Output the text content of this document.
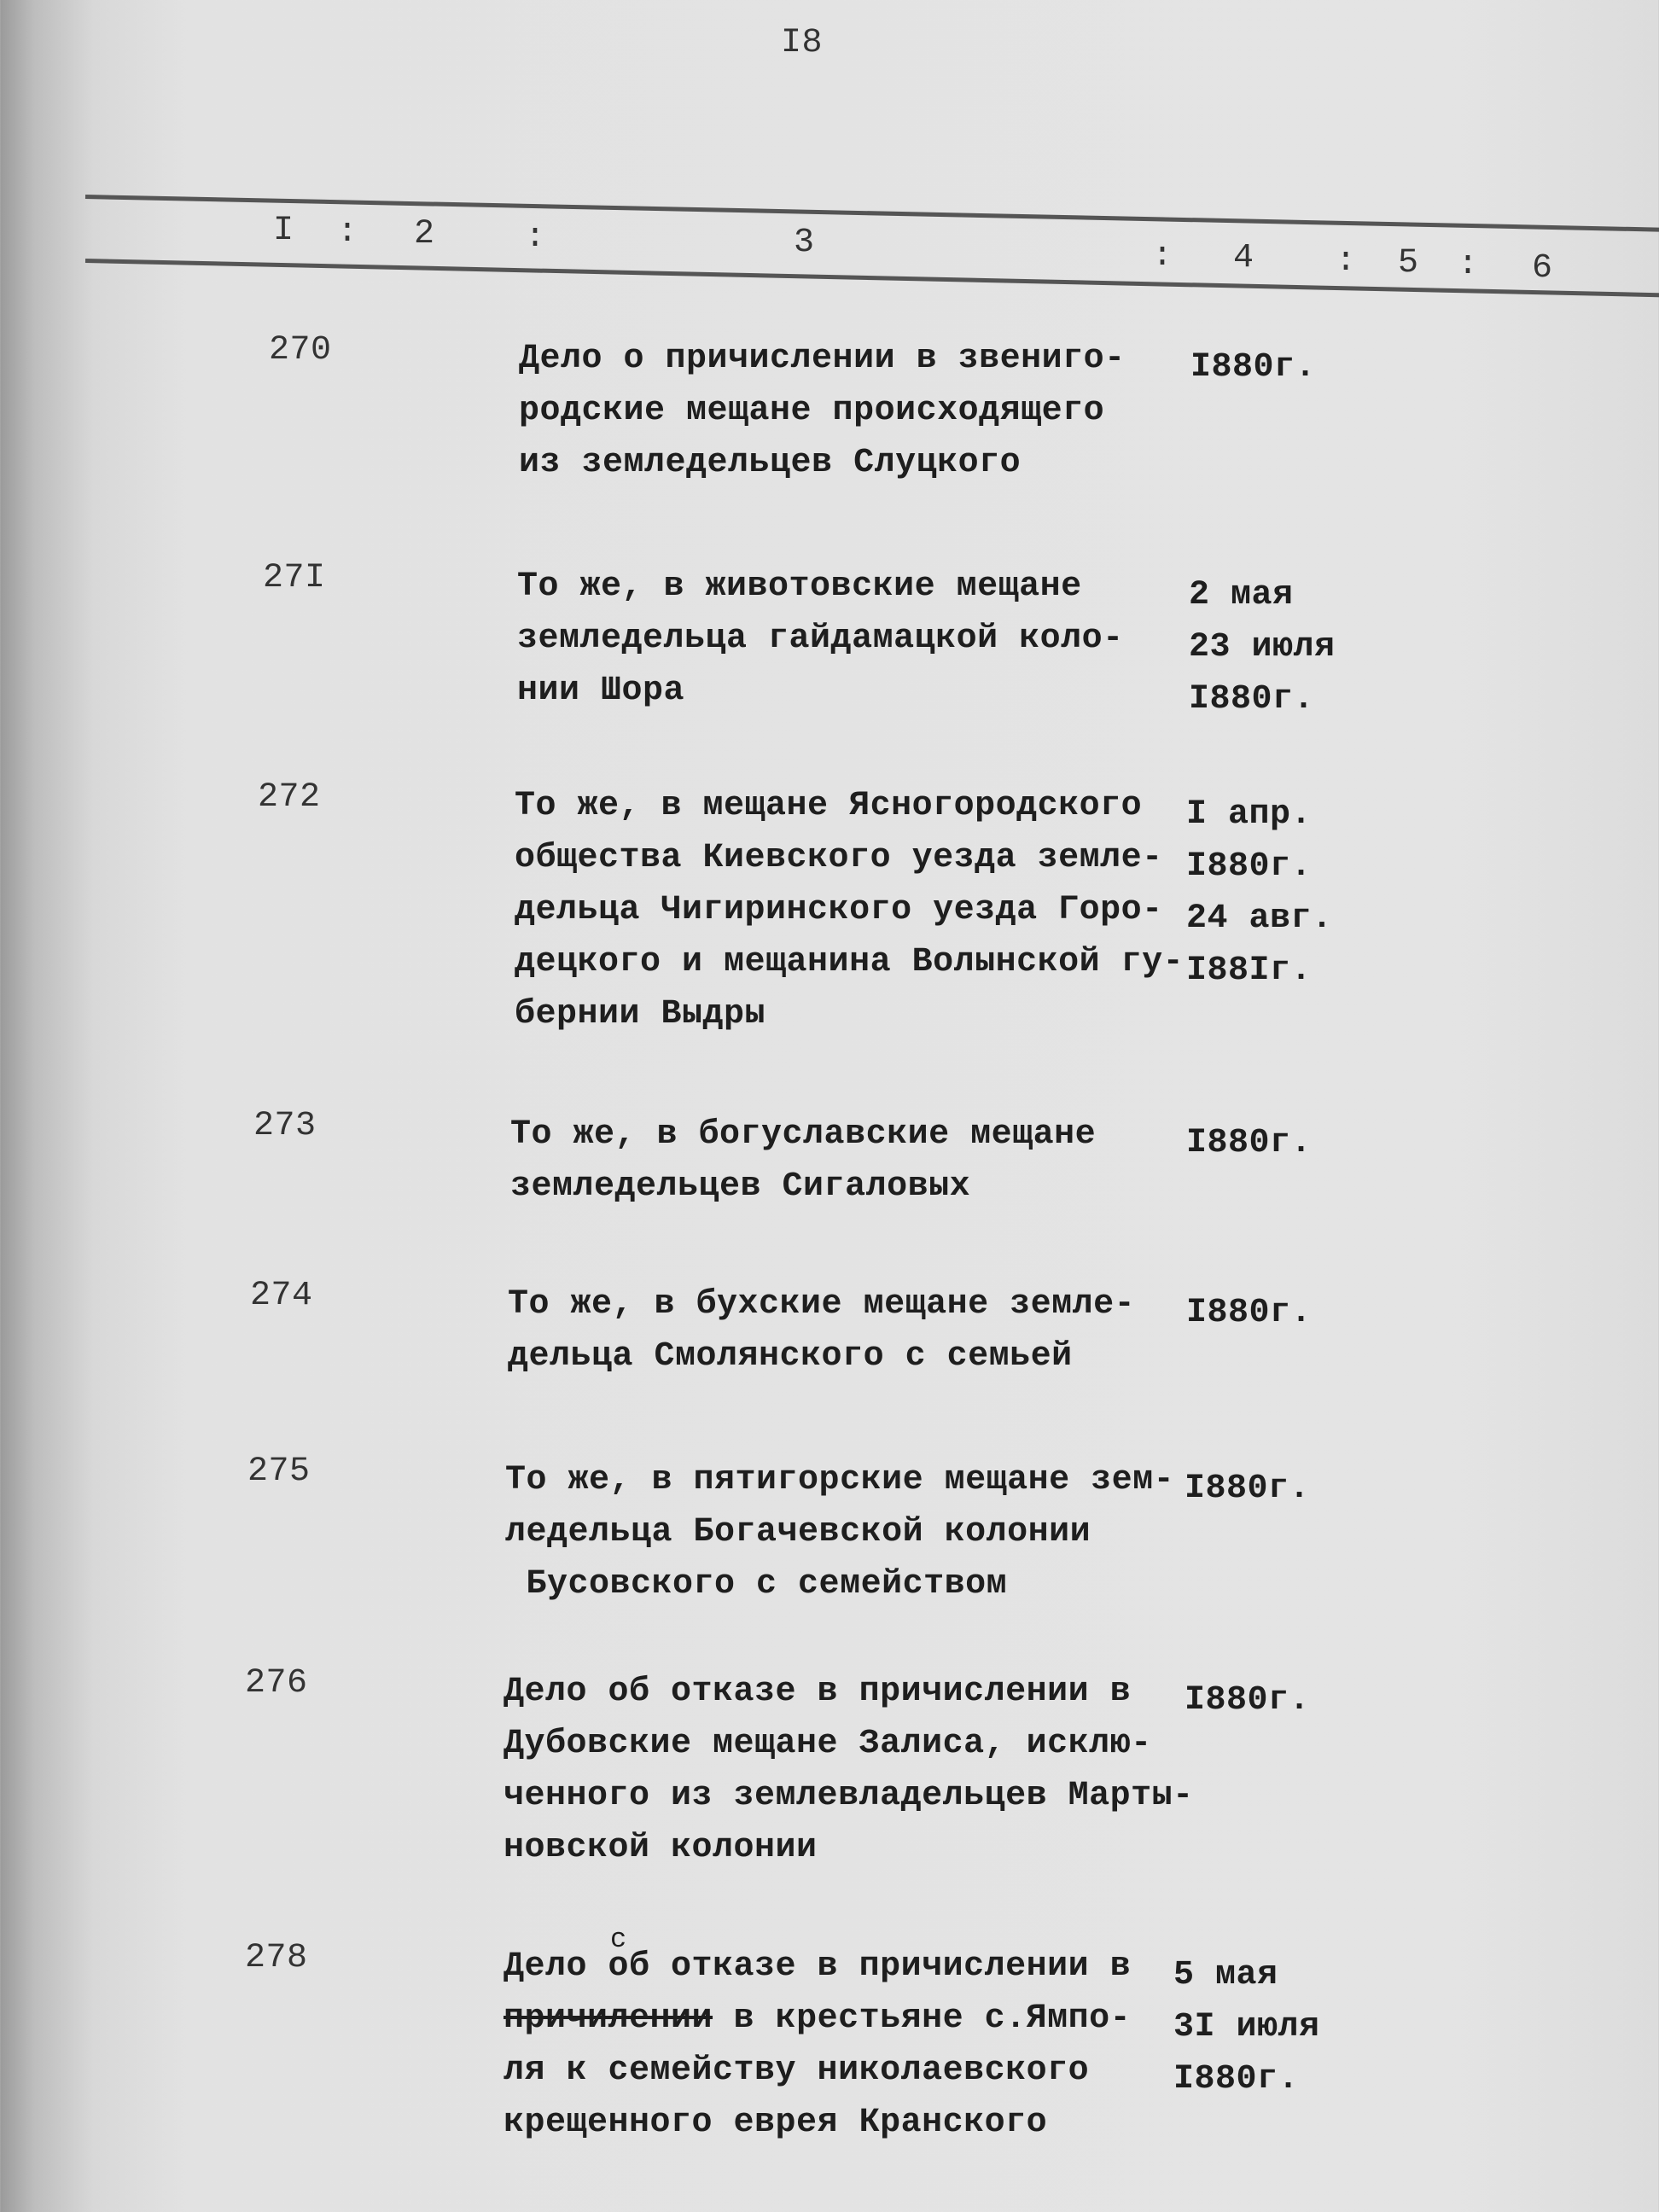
I8
I : 2	:	3	: 4 : 5 : 6
270	Дело о причислении в звениго-
родские мещане происходящего
из земледельцев Слуцкого
I880г.
27I	То же, в животовские мещане
земледельца гайдамацкой коло-
нии Шора
2 мая
23 июля
I880г.
272	То же, в мещане Ясногородского
общества Киевского уезда земле-
дельца Чигиринского уезда Горо-
децкого и мещанина Волынской гу-
бернии Выдры
I апр.
I880г.
24 авг.
I88Iг.
273	То же, в богуславские мещане
земледельцев Сигаловых
I880г.
274	То же, в бухские мещане земле-
дельца Смолянского с семьей
I880г.
275	То же, в пятигорские мещане зем-
ледельца Богачевской колонии
Бусовского с семейством
I880г.
276	Дело об отказе в причислении в
Дубовские мещане Залиса, исклю-
ченного из землевладельцев Марты-
новской колонии
I880г.
278	Дело об отказе в причислении в
причилении
с
в крестьяне с.Ямпо-
ля к семейству николаевского
крещенного еврея Кранского
5 мая
3I июля
I880г.
